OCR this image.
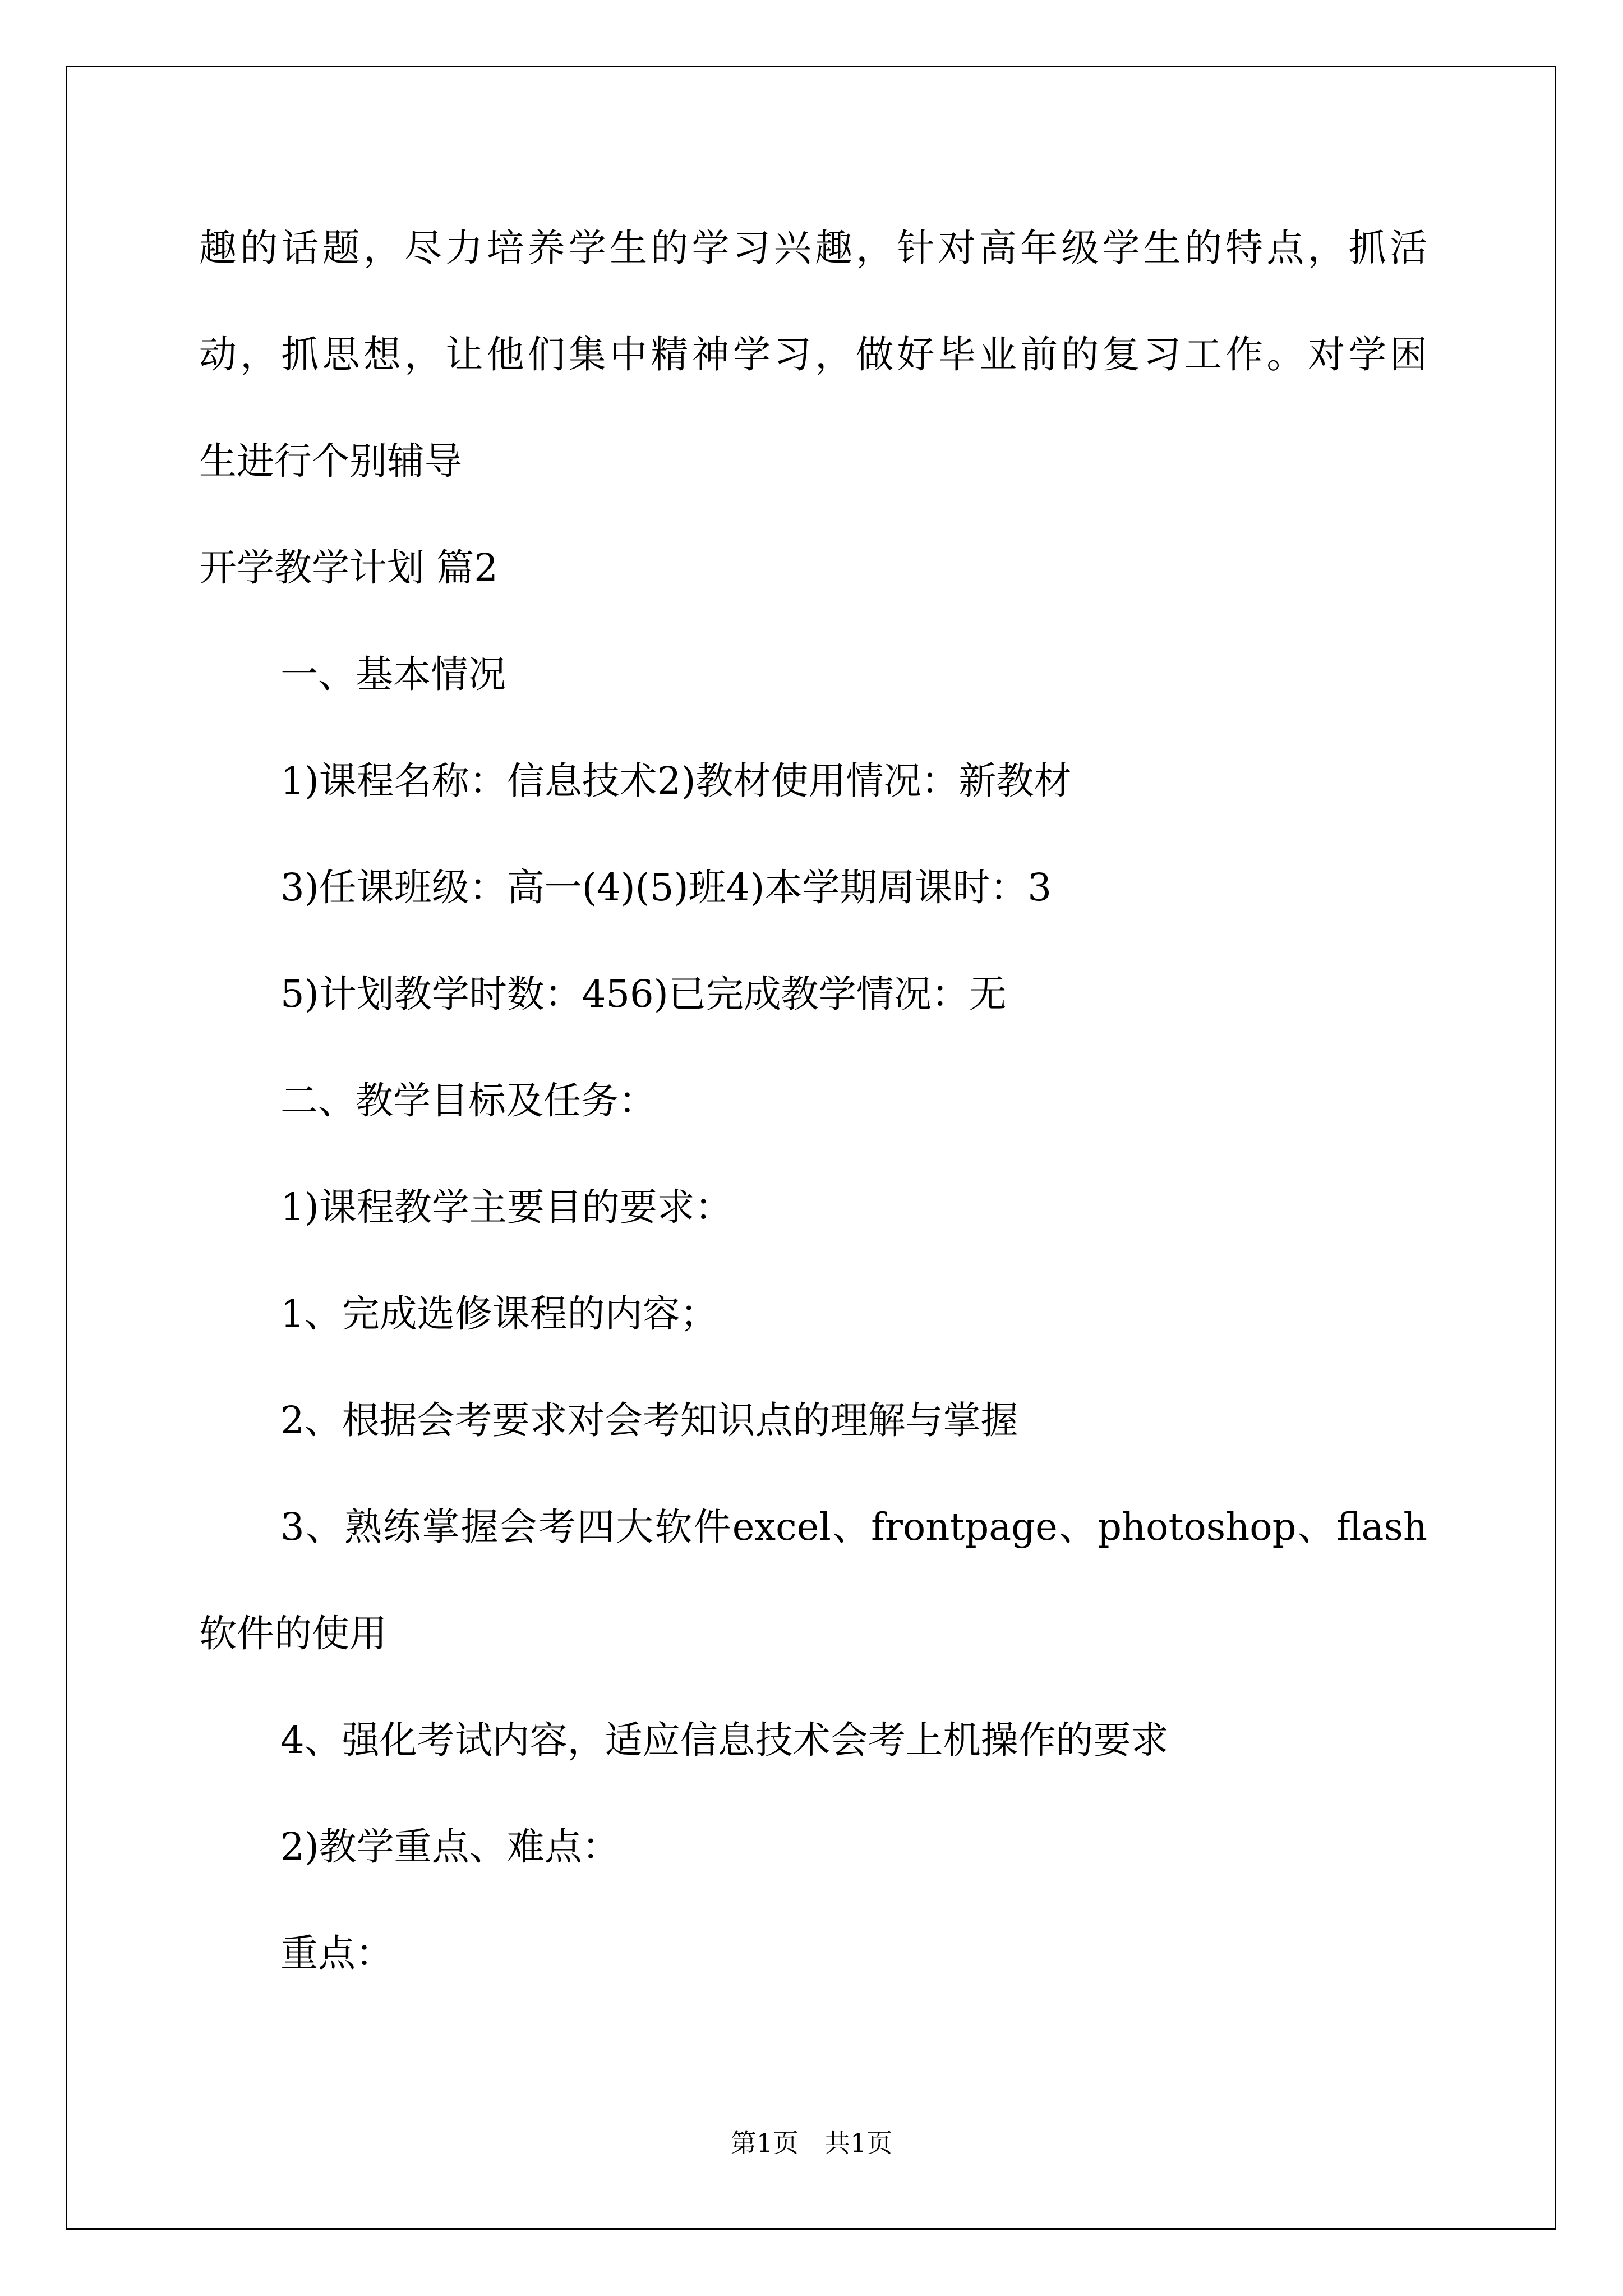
趣的话题，尽力培养学生的学习兴趣，针对高年级学生的特点，抓活
动，抓思想，让他们集中精神学习，做好毕业前的复习工作。对学困
生进行个别辅导
开学教学计划 篇2
一、基本情况
1)课程名称：信息技术2)教材使用情况：新教材
3)任课班级：高一(4)(5)班4)本学期周课时：3
5)计划教学时数：456)已完成教学情况：无
二、教学目标及任务：
1)课程教学主要目的要求：
1、完成选修课程的内容；
2、根据会考要求对会考知识点的理解与掌握
3、熟练掌握会考四大软件excel、frontpage、photoshop、flash
软件的使用
4、强化考试内容，适应信息技术会考上机操作的要求
2)教学重点、难点：
重点：
第1页　共1页
